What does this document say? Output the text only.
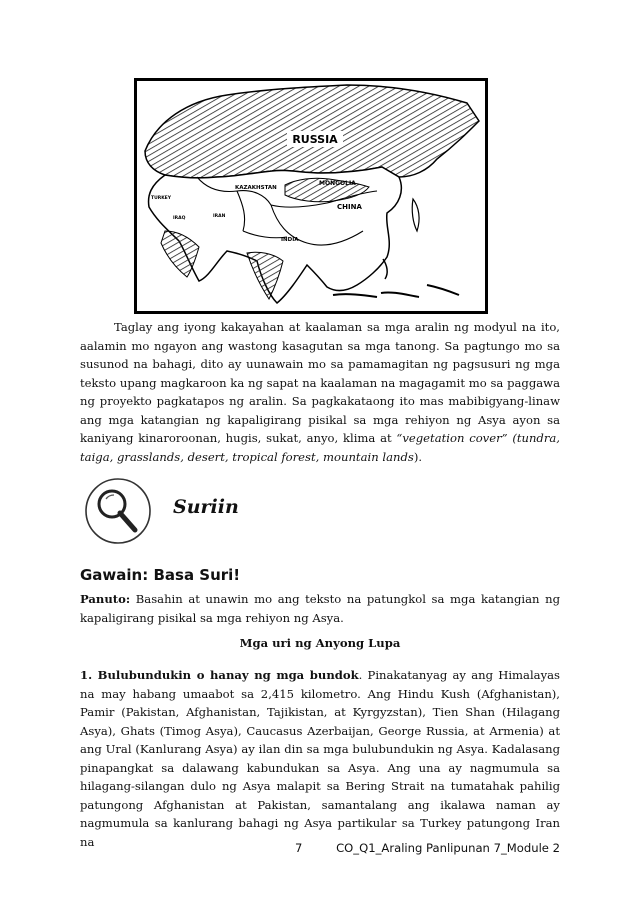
RUSSIA
KAZAKHSTAN
MONGOLIA
CHINA
INDIA
IRAN
IRAQ
TURKEY
Taglay ang iyong kakayahan at kaalaman sa mga aralin ng modyul na ito, aalamin mo ngayon ang wastong kasagutan sa mga tanong. Sa pagtungo mo sa susunod na bahagi, dito ay uunawain mo sa pamamagitan ng pagsusuri ng mga teksto upang magkaroon ka ng sapat na kaalaman na magagamit mo sa paggawa ng proyekto pagkatapos ng aralin. Sa pagkakataong ito mas mabibigyang-linaw ang mga katangian ng kapaligirang pisikal sa mga rehiyon ng Asya ayon sa kaniyang kinaroroonan, hugis, sukat, anyo, klima at “vegetation cover” (tundra, taiga, grasslands, desert, tropical forest, mountain lands).
Suriin
Gawain: Basa Suri!
Panuto: Basahin at unawin mo ang teksto na patungkol sa mga katangian ng kapaligirang pisikal sa mga rehiyon ng Asya.
Mga uri ng Anyong Lupa
1. Bulubundukin o hanay ng mga bundok. Pinakatanyag ay ang Himalayas na may habang umaabot sa 2,415 kilometro. Ang Hindu Kush (Afghanistan), Pamir (Pakistan, Afghanistan, Tajikistan, at Kyrgyzstan), Tien Shan (Hilagang Asya), Ghats (Timog Asya), Caucasus Azerbaijan, George Russia, at Armenia) at ang Ural (Kanlurang Asya) ay ilan din sa mga bulubundukin ng Asya. Kadalasang pinapangkat sa dalawang kabundukan sa Asya. Ang una ay nagmumula sa hilagang-silangan dulo ng Asya malapit sa Bering Strait na tumatahak pahilig patungong Afghanistan at Pakistan, samantalang ang ikalawa naman ay nagmumula sa kanlurang bahagi ng Asya partikular sa Turkey patungong Iran na	7	CO_Q1_Araling Panlipunan 7_Module 2
